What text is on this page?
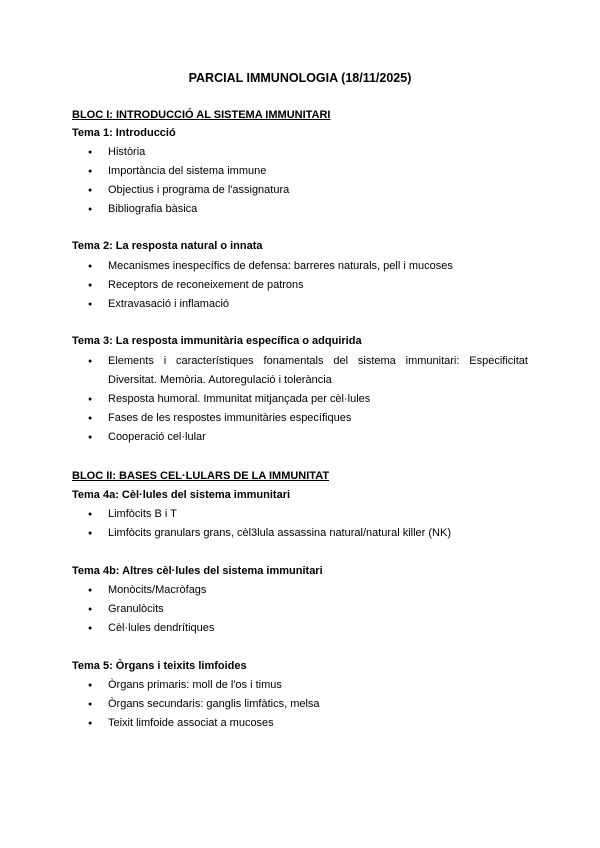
PARCIAL IMMUNOLOGIA (18/11/2025)
BLOC I: INTRODUCCIÓ AL SISTEMA IMMUNITARI
Tema 1: Introducció
● Història
● Importància del sistema immune
● Objectius i programa de l'assignatura
● Bibliografia bàsica
Tema 2: La resposta natural o innata
● Mecanismes inespecífics de defensa: barreres naturals, pell i mucoses
● Receptors de reconeixement de patrons
● Extravasació i inflamació
Tema 3: La resposta immunitària específica o adquirida
● Elements i característiques fonamentals del sistema immunitari: Especificitat Diversitat. Memòria. Autoregulació i tolerància
● Resposta humoral. Immunitat mitjançada per cèl·lules
● Fases de les respostes immunitàries específiques
● Cooperació cel·lular
BLOC II: BASES CEL·LULARS DE LA IMMUNITAT
Tema 4a: Cèl·lules del sistema immunitari
● Limfòcits B i T
● Limfòcits granulars grans, cèl3lula assassina natural/natural killer (NK)
Tema 4b: Altres cèl·lules del sistema immunitari
● Monòcits/Macròfags
● Granulòcits
● Cèl·lules dendrítiques
Tema 5: Òrgans i teixits limfoides
● Òrgans primaris: moll de l'os i timus
● Òrgans secundaris: ganglis limfàtics, melsa
● Teixit limfoide associat a mucoses
